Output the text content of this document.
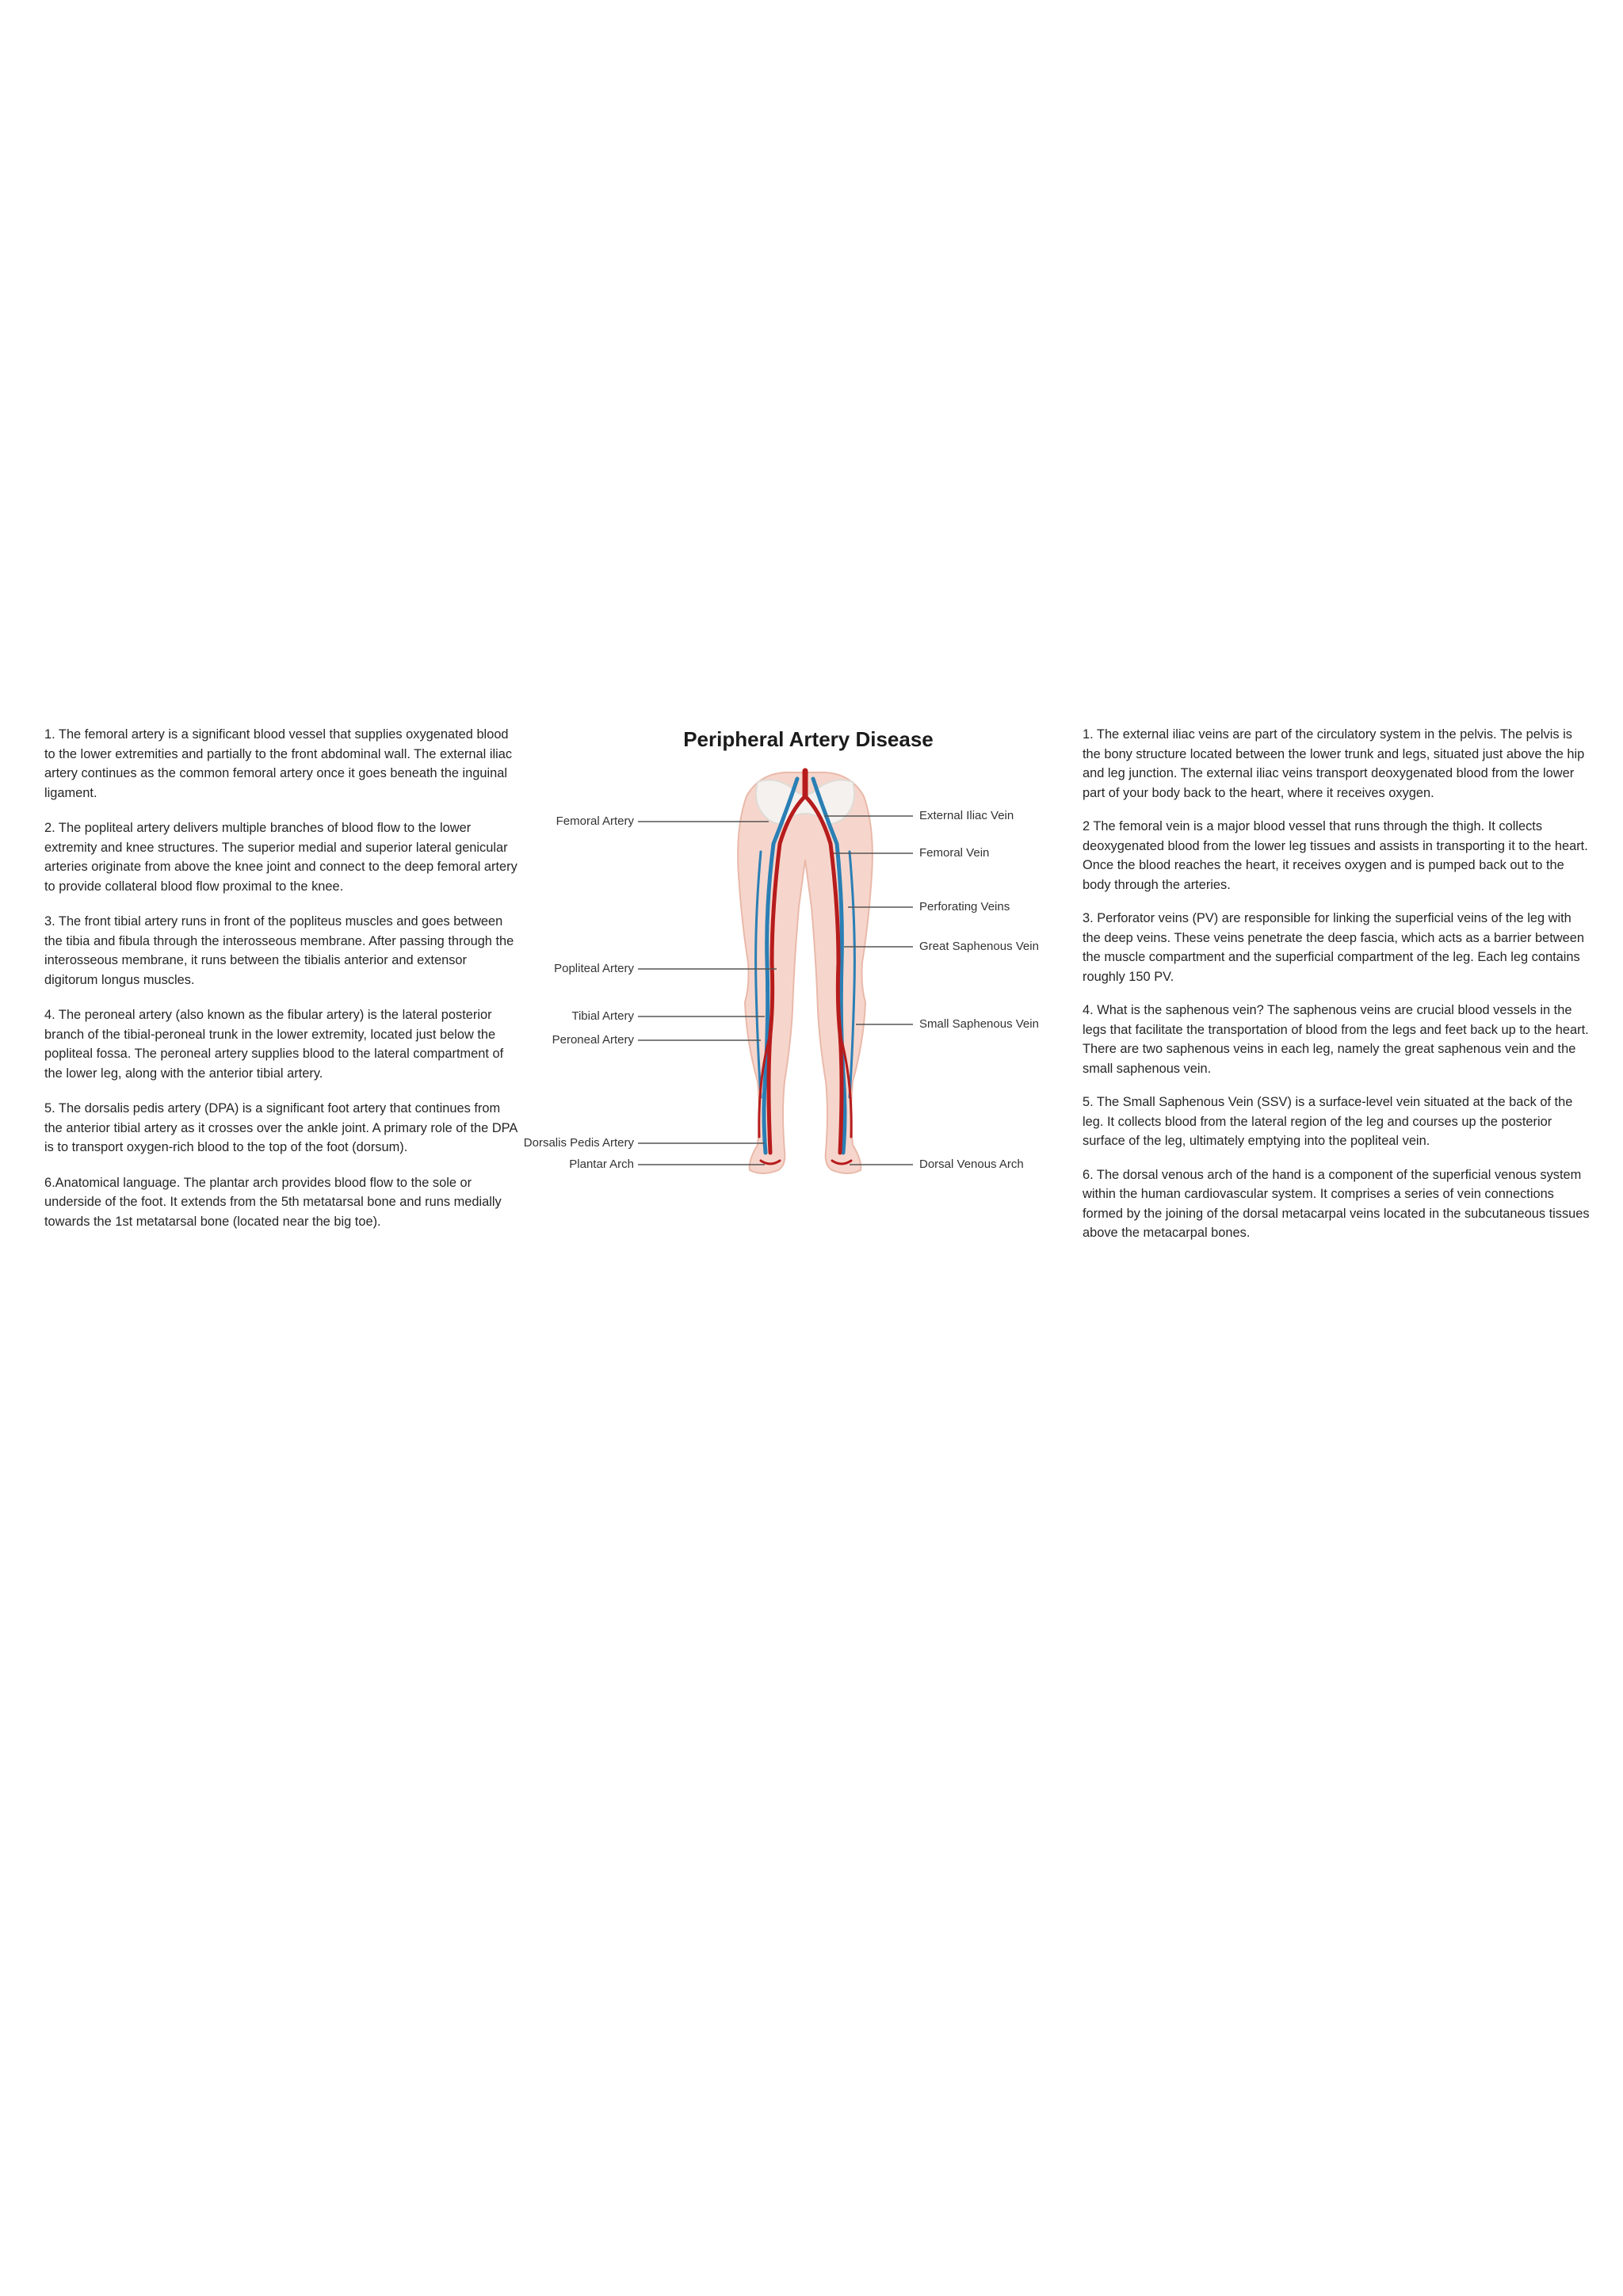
1. The femoral artery is a significant blood vessel that supplies oxygenated blood to the lower extremities and partially to the front abdominal wall. The external iliac artery continues as the common femoral artery once it goes beneath the inguinal ligament.

2. The popliteal artery delivers multiple branches of blood flow to the lower extremity and knee structures. The superior medial and superior lateral genicular arteries originate from above the knee joint and connect to the deep femoral artery to provide collateral blood flow proximal to the knee.

3. The front tibial artery runs in front of the popliteus muscles and goes between the tibia and fibula through the interosseous membrane. After passing through the interosseous membrane, it runs between the tibialis anterior and extensor digitorum longus muscles.

4. The peroneal artery (also known as the fibular artery) is the lateral posterior branch of the tibial-peroneal trunk in the lower extremity, located just below the popliteal fossa. The peroneal artery supplies blood to the lateral compartment of the lower leg, along with the anterior tibial artery.

5. The dorsalis pedis artery (DPA) is a significant foot artery that continues from the anterior tibial artery as it crosses over the ankle joint. A primary role of the DPA is to transport oxygen-rich blood to the top of the foot (dorsum).

6.Anatomical language. The plantar arch provides blood flow to the sole or underside of the foot. It extends from the 5th metatarsal bone and runs medially towards the 1st metatarsal bone (located near the big toe).

Peripheral Artery Disease
Femoral Artery
Popliteal Artery
Tibial Artery
Peroneal Artery
Dorsalis Pedis Artery
Plantar Arch
External Iliac Vein
Femoral Vein
Perforating Veins
Great Saphenous Vein
Small Saphenous Vein
Dorsal Venous Arch

1. The external iliac veins are part of the circulatory system in the pelvis. The pelvis is the bony structure located between the lower trunk and legs, situated just above the hip and leg junction. The external iliac veins transport deoxygenated blood from the lower part of your body back to the heart, where it receives oxygen.

2 The femoral vein is a major blood vessel that runs through the thigh. It collects deoxygenated blood from the lower leg tissues and assists in transporting it to the heart. Once the blood reaches the heart, it receives oxygen and is pumped back out to the body through the arteries.

3. Perforator veins (PV) are responsible for linking the superficial veins of the leg with the deep veins. These veins penetrate the deep fascia, which acts as a barrier between the muscle compartment and the superficial compartment of the leg. Each leg contains roughly 150 PV.

4. What is the saphenous vein? The saphenous veins are crucial blood vessels in the legs that facilitate the transportation of blood from the legs and feet back up to the heart. There are two saphenous veins in each leg, namely the great saphenous vein and the small saphenous vein.

5. The Small Saphenous Vein (SSV) is a surface-level vein situated at the back of the leg. It collects blood from the lateral region of the leg and courses up the posterior surface of the leg, ultimately emptying into the popliteal vein.

6. The dorsal venous arch of the hand is a component of the superficial venous system within the human cardiovascular system. It comprises a series of vein connections formed by the joining of the dorsal metacarpal veins located in the subcutaneous tissues above the metacarpal bones.
